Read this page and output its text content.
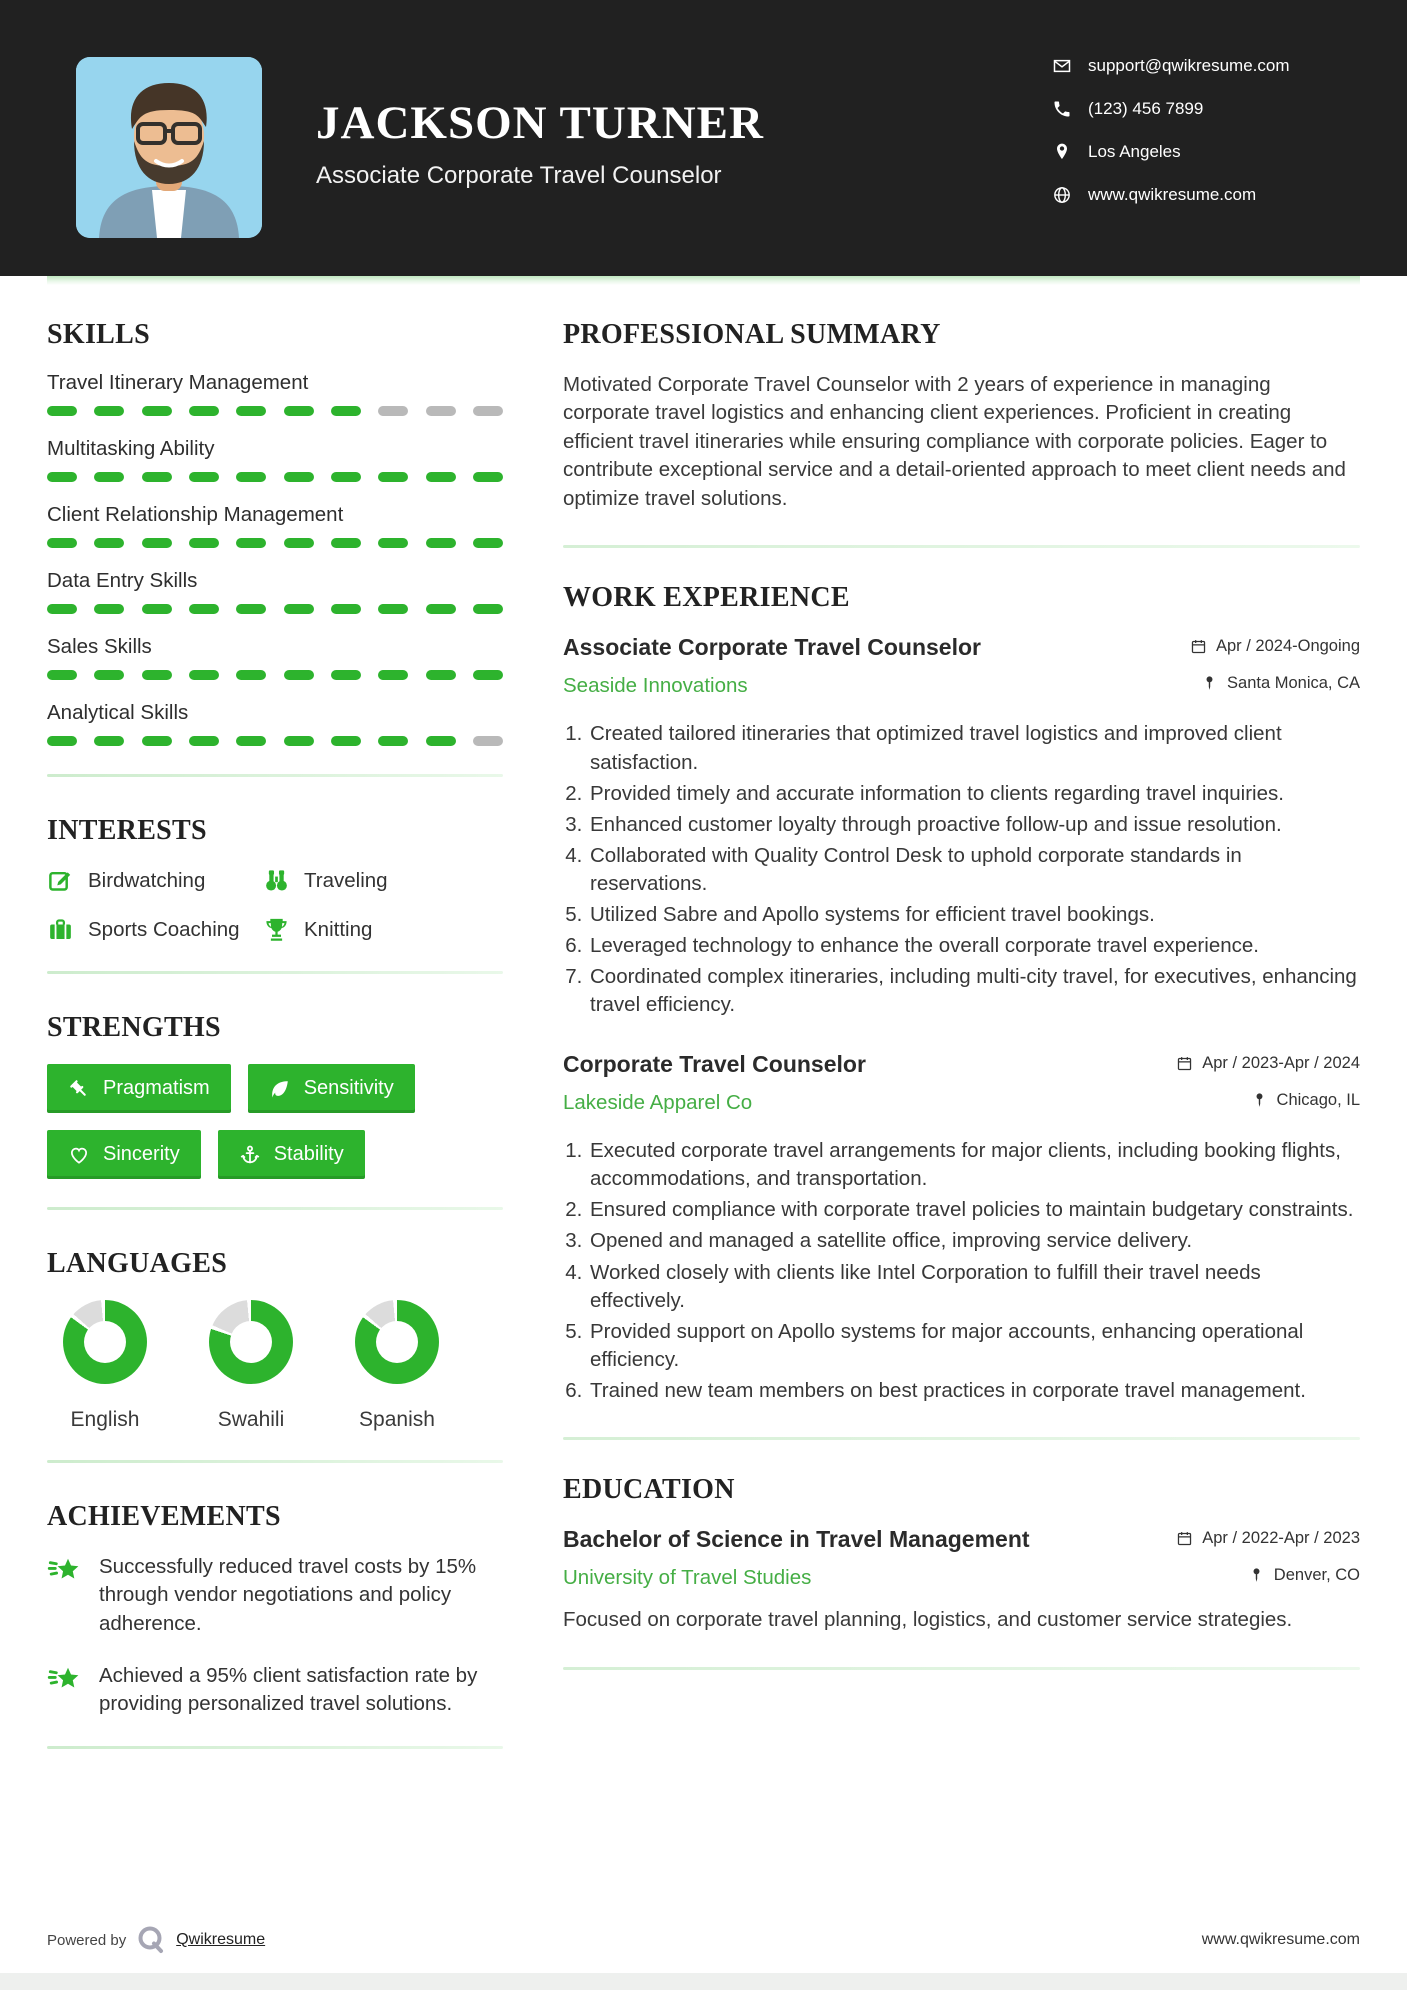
JACKSON TURNER
Associate Corporate Travel Counselor
support@qwikresume.com
(123) 456 7899
Los Angeles
www.qwikresume.com
SKILLS
Travel Itinerary Management
Multitasking Ability
Client Relationship Management
Data Entry Skills
Sales Skills
Analytical Skills
INTERESTS
Birdwatching	Traveling
Sports Coaching	Knitting
STRENGTHS
Pragmatism	Sensitivity
Sincerity	Stability
LANGUAGES
English	Swahili	Spanish
ACHIEVEMENTS
Successfully reduced travel costs by 15% through vendor negotiations and policy adherence.
Achieved a 95% client satisfaction rate by providing personalized travel solutions.
PROFESSIONAL SUMMARY

Motivated Corporate Travel Counselor with 2 years of experience in managing corporate travel logistics and enhancing client experiences. Proficient in creating efficient travel itineraries while ensuring compliance with corporate policies. Eager to contribute exceptional service and a detail-oriented approach to meet client needs and optimize travel solutions.

WORK EXPERIENCE
Associate Corporate Travel Counselor	Apr / 2024-Ongoing
Seaside Innovations	Santa Monica, CA
1. Created tailored itineraries that optimized travel logistics and improved client satisfaction.
2. Provided timely and accurate information to clients regarding travel inquiries.
3. Enhanced customer loyalty through proactive follow-up and issue resolution.
4. Collaborated with Quality Control Desk to uphold corporate standards in reservations.
5. Utilized Sabre and Apollo systems for efficient travel bookings.
6. Leveraged technology to enhance the overall corporate travel experience.
7. Coordinated complex itineraries, including multi-city travel, for executives, enhancing travel efficiency.
Corporate Travel Counselor	Apr / 2023-Apr / 2024
Lakeside Apparel Co	Chicago, IL
1. Executed corporate travel arrangements for major clients, including booking flights, accommodations, and transportation.
2. Ensured compliance with corporate travel policies to maintain budgetary constraints.
3. Opened and managed a satellite office, improving service delivery.
4. Worked closely with clients like Intel Corporation to fulfill their travel needs effectively.
5. Provided support on Apollo systems for major accounts, enhancing operational efficiency.
6. Trained new team members on best practices in corporate travel management.
EDUCATION
Bachelor of Science in Travel Management	Apr / 2022-Apr / 2023
University of Travel Studies	Denver, CO

Focused on corporate travel planning, logistics, and customer service strategies.

Powered by	Qwikresume	www.qwikresume.com
